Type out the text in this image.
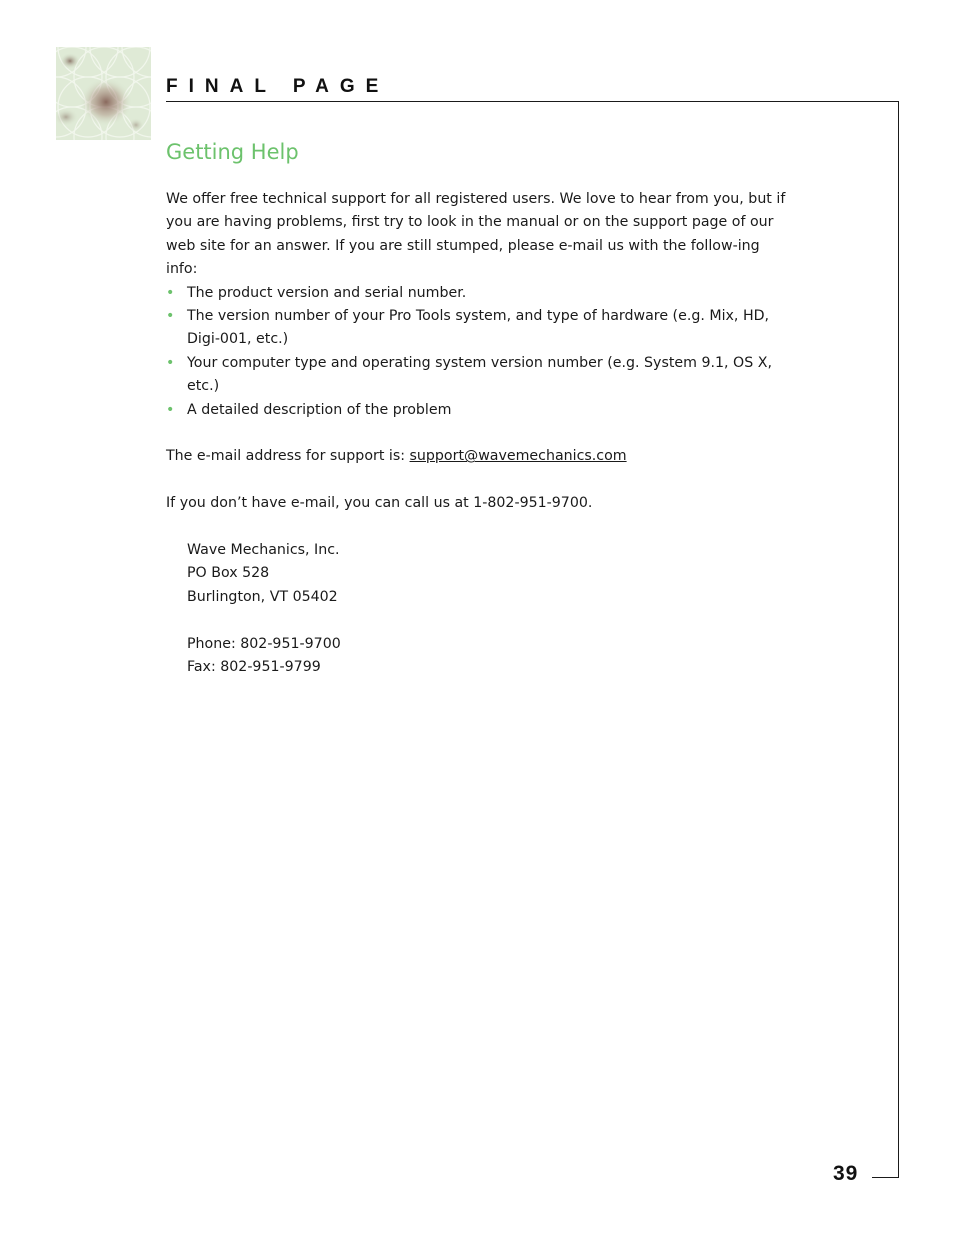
FINAL PAGE
39
Getting Help

We offer free technical support for all registered users. We love to hear from you, but if you are having problems, first try to look in the manual or on the support page of our web site for an answer. If you are still stumped, please e-mail us with the follow-ing info:

• The product version and serial number.
• The version number of your Pro Tools system, and type of hardware (e.g. Mix, HD, Digi-001, etc.)
• Your computer type and operating system version number (e.g. System 9.1, OS X, etc.)
• A detailed description of the problem

The e-mail address for support is: support@wavemechanics.com

If you don’t have e-mail, you can call us at 1-802-951-9700.

Wave Mechanics, Inc.

PO Box 528

Burlington, VT 05402

Phone: 802-951-9700

Fax: 802-951-9799
